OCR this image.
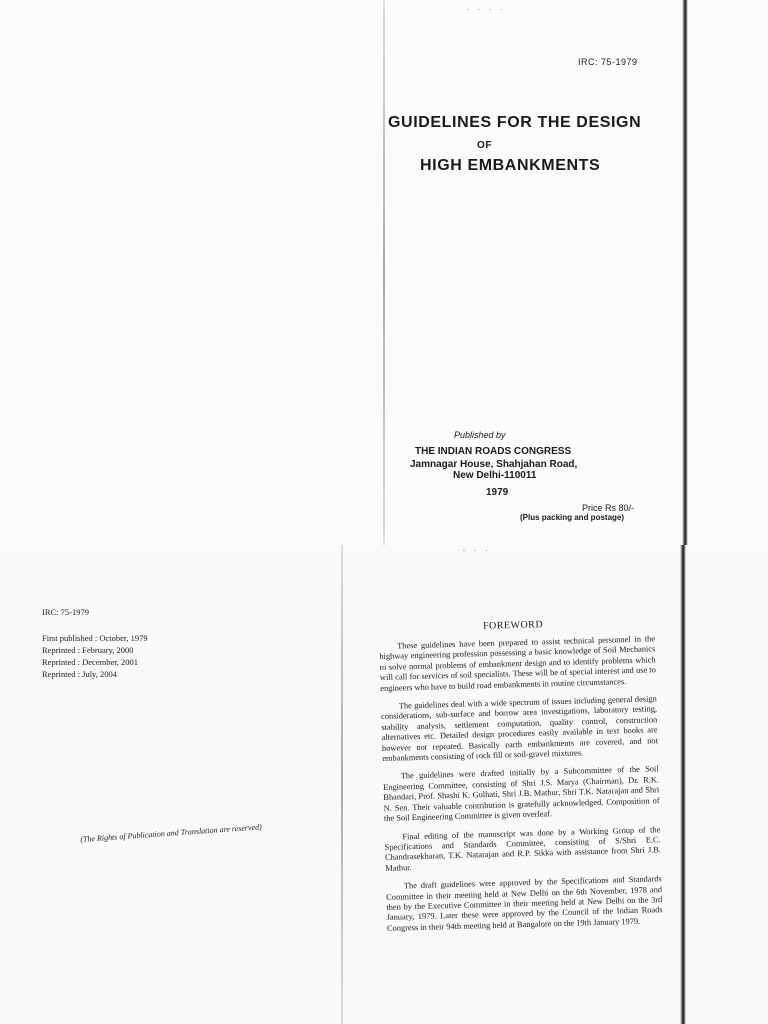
- - - -
IRC: 75-1979
GUIDELINES FOR THE DESIGN
OF
HIGH EMBANKMENTS
Published by
THE INDIAN ROADS CONGRESS
Jamnagar House, Shahjahan Road,
New Delhi-110011
1979
Price Rs 80/-
(Plus packing and postage)
- - -
IRC: 75-1979
First published : October, 1979
Reprinted : February, 2000
Reprinted : December, 2001
Reprinted : July, 2004
(The Rights of Publication and Translation are reserved)
FOREWORD

These guidelines have been prepared to assist technical personnel in the highway engineering profession possessing a basic knowledge of Soil Mechanics to solve normal problems of embankment design and to identify problems which will call for services of soil specialists. These will be of special interest and use to engineers who have to build road embankments in routine circumstances.

The guidelines deal with a wide spectrum of issues including general design considerations, sub-surface and borrow area investigations, laboratory testing, stability analysis, settlement computation, quality control, construction alternatives etc. Detailed design procedures easily available in text books are however not repeated. Basically earth embankments are covered, and not embankments consisting of rock fill or soil-gravel mixtures.

The guidelines were drafted initially by a Subcommittee of the Soil Engineering Committee, consisting of Shri J.S. Marya (Chairman), Dr. R.K. Bhandari, Prof. Shashi K. Gulhati, Shri J.B. Mathur, Shri T.K. Natarajan and Shri N. Sen. Their valuable contribution is gratefully acknowledged. Composition of the Soil Engineering Committee is given overleaf.

Final editing of the manuscript was done by a Working Group of the Specifications and Standards Committee, consisting of S/Shri E.C. Chandrasekharan, T.K. Natarajan and R.P. Sikka with assistance from Shri J.B. Mathur.

The draft guidelines were approved by the Specifications and Standards Committee in their meeting held at New Delhi on the 6th November, 1978 and then by the Executive Committee in their meeting held at New Delhi on the 3rd January, 1979. Later these were approved by the Council of the Indian Roads Congress in their 94th meeting held at Bangalore on the 19th January 1979.
